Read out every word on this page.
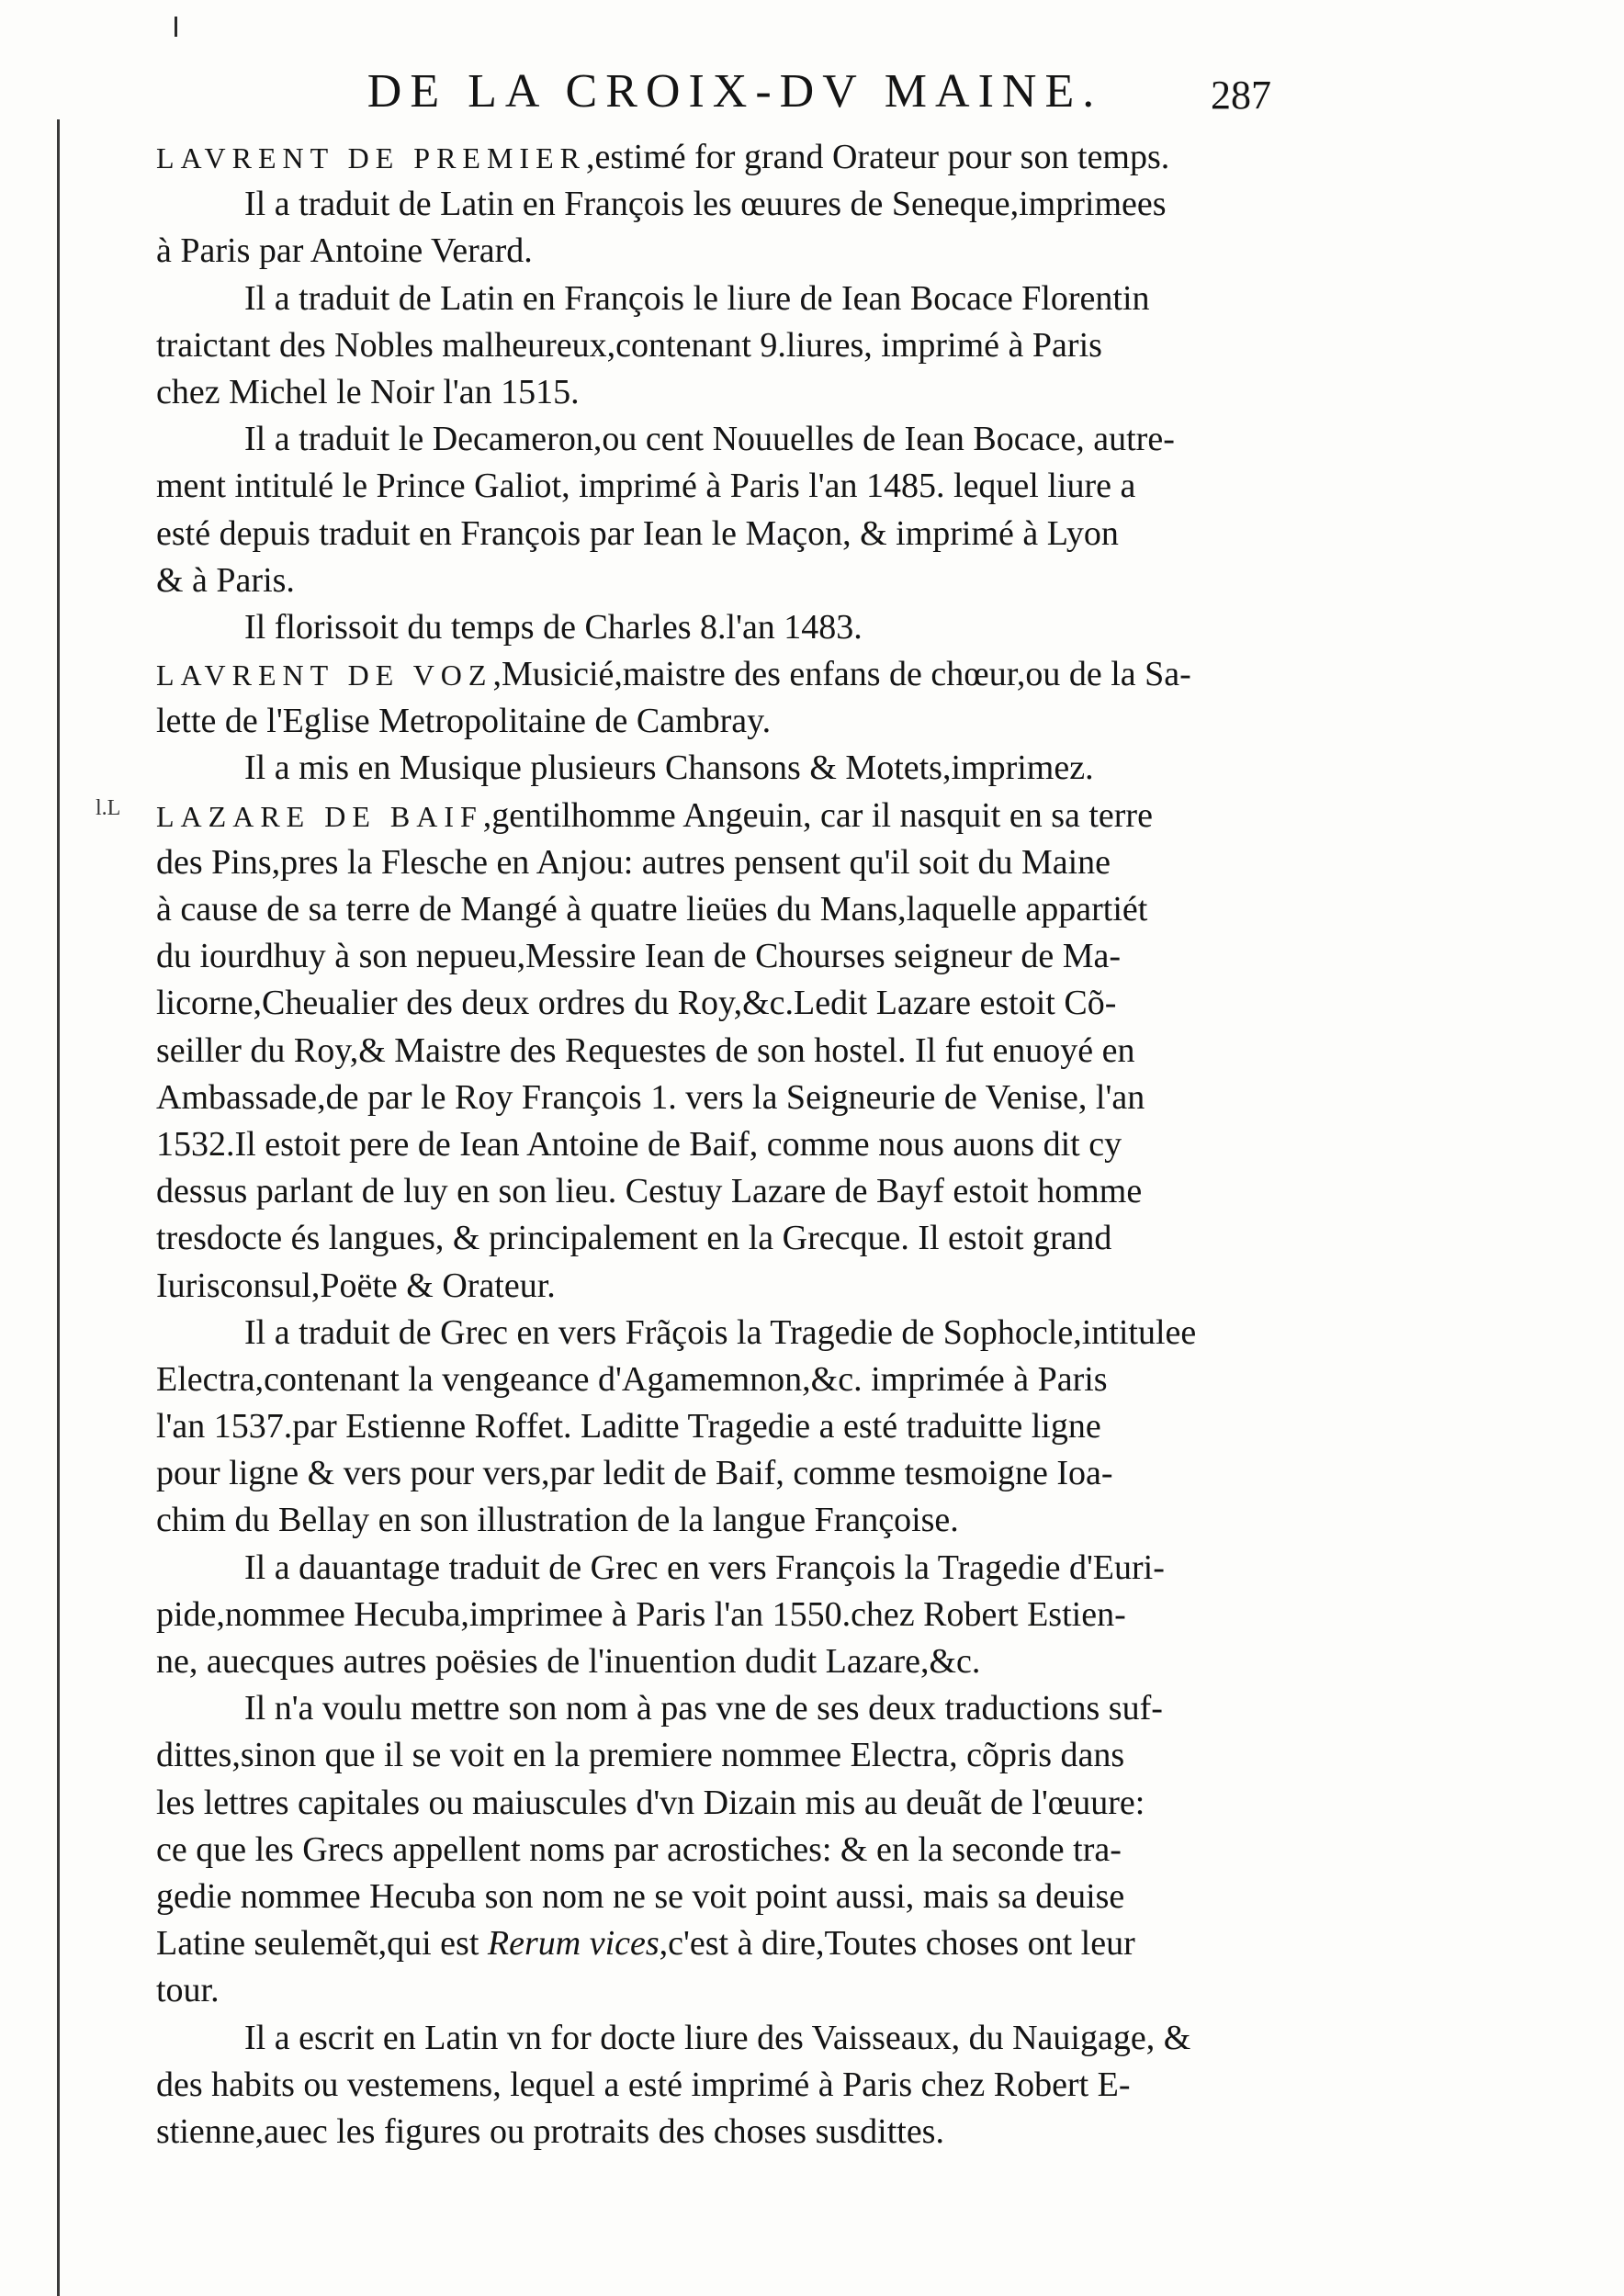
DE LA CROIX-DV MAINE.	287
l.L
LAVRENT DE PREMIER,estimé for grand Orateur pour son temps.
Il a traduit de Latin en François les œuures de Seneque,imprimees
à Paris par Antoine Verard.
Il a traduit de Latin en François le liure de Iean Bocace Florentin
traictant des Nobles malheureux,contenant 9.liures, imprimé à Paris
chez Michel le Noir l'an 1515.
Il a traduit le Decameron,ou cent Nouuelles de Iean Bocace, autre-
ment intitulé le Prince Galiot, imprimé à Paris l'an 1485. lequel liure a
esté depuis traduit en François par Iean le Maçon, & imprimé à Lyon
& à Paris.
Il florissoit du temps de Charles 8.l'an 1483.
LAVRENT DE VOZ,Musicié,maistre des enfans de chœur,ou de la Sa-
lette de l'Eglise Metropolitaine de Cambray.
Il a mis en Musique plusieurs Chansons & Motets,imprimez.
LAZARE DE BAIF,gentilhomme Angeuin, car il nasquit en sa terre
des Pins,pres la Flesche en Anjou: autres pensent qu'il soit du Maine
à cause de sa terre de Mangé à quatre lieües du Mans,laquelle appartiét
du iourdhuy à son nepueu,Messire Iean de Chourses seigneur de Ma-
licorne,Cheualier des deux ordres du Roy,&c.Ledit Lazare estoit Cõ-
seiller du Roy,& Maistre des Requestes de son hostel. Il fut enuoyé en
Ambassade,de par le Roy François 1. vers la Seigneurie de Venise, l'an
1532.Il estoit pere de Iean Antoine de Baif, comme nous auons dit cy
dessus parlant de luy en son lieu. Cestuy Lazare de Bayf estoit homme
tresdocte és langues, & principalement en la Grecque. Il estoit grand
Iurisconsul,Poëte & Orateur.
Il a traduit de Grec en vers Frãçois la Tragedie de Sophocle,intitulee
Electra,contenant la vengeance d'Agamemnon,&c. imprimée à Paris
l'an 1537.par Estienne Roffet. Laditte Tragedie a esté traduitte ligne
pour ligne & vers pour vers,par ledit de Baif, comme tesmoigne Ioa-
chim du Bellay en son illustration de la langue Françoise.
Il a dauantage traduit de Grec en vers François la Tragedie d'Euri-
pide,nommee Hecuba,imprimee à Paris l'an 1550.chez Robert Estien-
ne, auecques autres poësies de l'inuention dudit Lazare,&c.
Il n'a voulu mettre son nom à pas vne de ses deux traductions suf-
dittes,sinon que il se voit en la premiere nommee Electra, cõpris dans
les lettres capitales ou maiuscules d'vn Dizain mis au deuãt de l'œuure:
ce que les Grecs appellent noms par acrostiches: & en la seconde tra-
gedie nommee Hecuba son nom ne se voit point aussi, mais sa deuise
Latine seulemẽt,qui est Rerum vices,c'est à dire,Toutes choses ont leur
tour.
Il a escrit en Latin vn for docte liure des Vaisseaux, du Nauigage, &
des habits ou vestemens, lequel a esté imprimé à Paris chez Robert E-
stienne,auec les figures ou protraits des choses susdittes.
